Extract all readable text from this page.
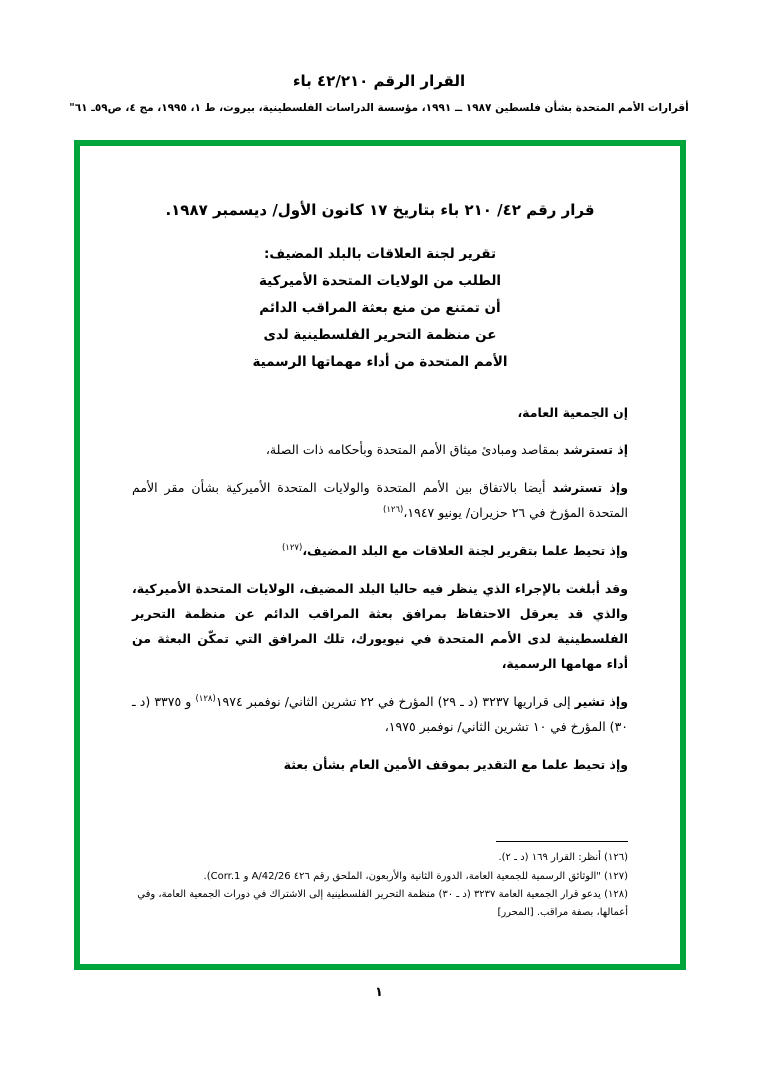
القرار الرقم ٤٢/٢١٠ باء
أقرارات الأمم المتحدة بشأن فلسطين ١٩٨٧ ــ ١٩٩١، مؤسسة الدراسات الفلسطينية، بيروت، ط ١، ١٩٩٥، مج ٤، ص٥٩ـ ٦١"
قرار رقم ٤٢/ ٢١٠ باء بتاريخ ١٧ كانون الأول/ ديسمبر ١٩٨٧.
تقرير لجنة العلاقات بالبلد المضيف:
الطلب من الولايات المتحدة الأميركية
أن تمتنع من منع بعثة المراقب الدائم
عن منظمة التحرير الفلسطينية لدى
الأمم المتحدة من أداء مهماتها الرسمية
إن الجمعية العامة،

إذ تسترشد بمقاصد ومبادئ ميثاق الأمم المتحدة وبأحكامه ذات الصلة،

وإذ تسترشد أيضا بالاتفاق بين الأمم المتحدة والولايات المتحدة الأميركية بشأن مقر الأمم المتحدة المؤرخ في ٢٦ حزيران/ يونيو ١٩٤٧،$^{(١٢٦)}$

وإذ تحيط علما بتقرير لجنة العلاقات مع البلد المضيف،$^{(١٢٧)}$

وقد أبلغت بالإجراء الذي ينظر فيه حاليا البلد المضيف، الولايات المتحدة الأميركية، والذي قد يعرقل الاحتفاظ بمرافق بعثة المراقب الدائم عن منظمة التحرير الفلسطينية لدى الأمم المتحدة في نيويورك، تلك المرافق التي تمكّن البعثة من أداء مهامها الرسمية،

وإذ تشير إلى قراريها ٣٢٣٧ (د ـ ٢٩) المؤرخ في ٢٢ تشرين الثاني/ نوفمبر ١٩٧٤$^{(١٢٨)}$ و ٣٣٧٥ (د ـ ٣٠) المؤرخ في ١٠ تشرين الثاني/ نوفمبر ١٩٧٥،

وإذ تحيط علما مع التقدير بموقف الأمين العام بشأن بعثة

(١٢٦) أنظر: القرار ١٦٩ (د ـ ٢).
(١٢٧) "الوثائق الرسمية للجمعية العامة، الدورة الثانية والأربعون، الملحق رقم ٤٢٦ A/42/26 و Corr.1).
(١٢٨) يدعو قرار الجمعية العامة ٣٢٣٧ (د ـ ٣٠) منظمة التحرير الفلسطينية إلى الاشتراك في دورات الجمعية العامة، وفي أعمالها، بصفة مراقب. [المحرر]
١
